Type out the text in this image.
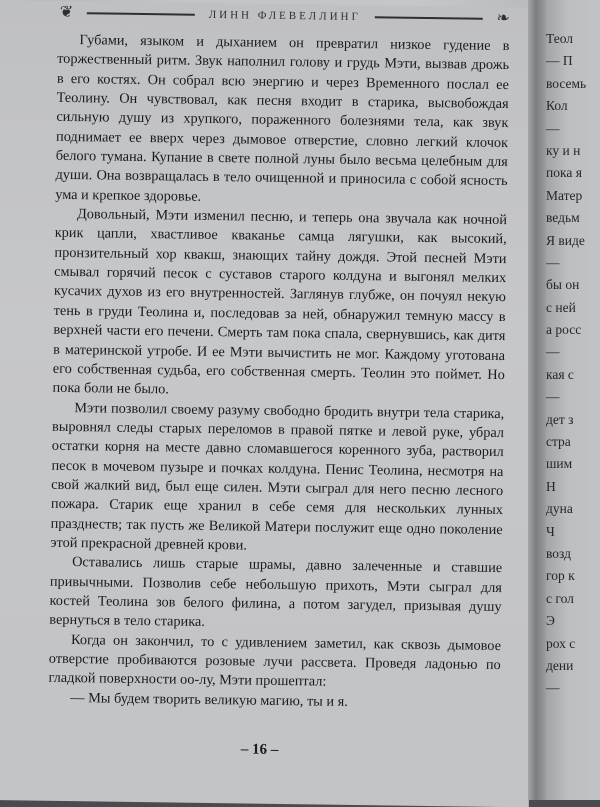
❦	ЛИНН ФЛЕВЕЛЛИНГ	❧

Губами, языком и дыханием он превратил низкое гудение в торжественный ритм. Звук наполнил голову и грудь Мэти, вызвав дрожь в его костях. Он собрал всю энергию и через Временного послал ее Теолину. Он чувствовал, как песня входит в старика, высвобождая сильную душу из хрупкого, пораженного болезнями тела, как звук поднимает ее вверх через дымовое отверстие, словно легкий клочок белого тумана. Купание в свете полной луны было весьма целебным для души. Она возвращалась в тело очищенной и приносила с собой ясность ума и крепкое здоровье.

Довольный, Мэти изменил песню, и теперь она звучала как ночной крик цапли, хвастливое кваканье самца лягушки, как высокий, пронзительный хор квакш, знающих тайну дождя. Этой песней Мэти смывал горячий песок с суставов старого колдуна и выгонял мелких кусачих духов из его внутренностей. Заглянув глубже, он почуял некую тень в груди Теолина и, последовав за ней, обнаружил темную массу в верхней части его печени. Смерть там пока спала, свернувшись, как дитя в материнской утробе. И ее Мэти вычистить не мог. Каждому уготована его собственная судьба, его собственная смерть. Теолин это поймет. Но пока боли не было.

Мэти позволил своему разуму свободно бродить внутри тела старика, выровнял следы старых переломов в правой пятке и левой руке, убрал остатки корня на месте давно сломавшегося коренного зуба, растворил песок в мочевом пузыре и почках колдуна. Пенис Теолина, несмотря на свой жалкий вид, был еще силен. Мэти сыграл для него песню лесного пожара. Старик еще хранил в себе семя для нескольких лунных празднеств; так пусть же Великой Матери послужит еще одно поколение этой прекрасной древней крови.

Оставались лишь старые шрамы, давно залеченные и ставшие привычными. Позволив себе небольшую прихоть, Мэти сыграл для костей Теолина зов белого филина, а потом загудел, призывая душу вернуться в тело старика.

Когда он закончил, то с удивлением заметил, как сквозь дымовое отверстие пробиваются розовые лучи рассвета. Проведя ладонью по гладкой поверхности оо-лу, Мэти прошептал:

— Мы будем творить великую магию, ты и я.

– 16 –
Теол
— П
восемь
Кол
—
ку и н
пока я
Матер
ведьм
Я виде
—
бы он
с ней
а росс
—
кая с
—
дет з
стра
шим
Н
дуна
Ч
возд
гор к
с гол
Э
рох с
дени
—
